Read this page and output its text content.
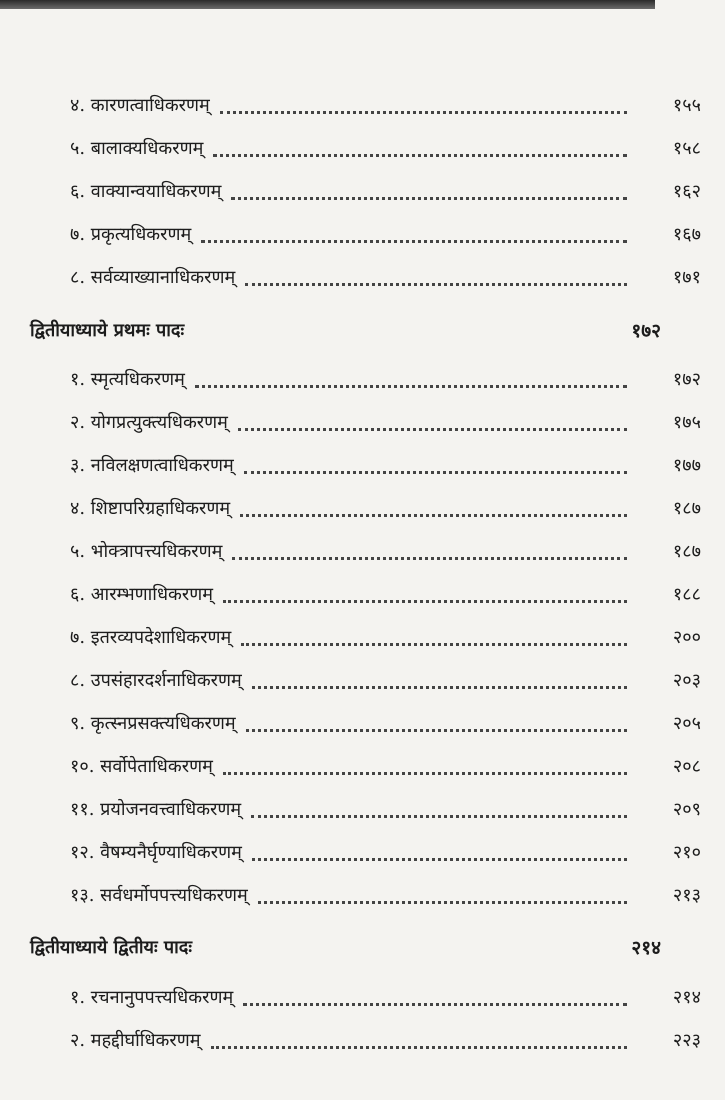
४. कारणत्वाधिकरणम्	१५५
५. बालाक्यधिकरणम्	१५८
६. वाक्यान्वयाधिकरणम्	१६२
७. प्रकृत्यधिकरणम्	१६७
८. सर्वव्याख्यानाधिकरणम्	१७१
द्वितीयाध्याये प्रथमः पादः	१७२
१. स्मृत्यधिकरणम्	१७२
२. योगप्रत्युक्त्यधिकरणम्	१७५
३. नविलक्षणत्वाधिकरणम्	१७७
४. शिष्टापरिग्रहाधिकरणम्	१८७
५. भोक्त्रापत्त्यधिकरणम्	१८७
६. आरम्भणाधिकरणम्	१८८
७. इतरव्यपदेशाधिकरणम्	२००
८. उपसंहारदर्शनाधिकरणम्	२०३
९. कृत्स्नप्रसक्त्यधिकरणम्	२०५
१०. सर्वोपेताधिकरणम्	२०८
११. प्रयोजनवत्त्वाधिकरणम्	२०९
१२. वैषम्यनैर्घृण्याधिकरणम्	२१०
१३. सर्वधर्मोपपत्त्यधिकरणम्	२१३
द्वितीयाध्याये द्वितीयः पादः	२१४
१. रचनानुपपत्त्यधिकरणम्	२१४
२. महद्दीर्घाधिकरणम्	२२३
